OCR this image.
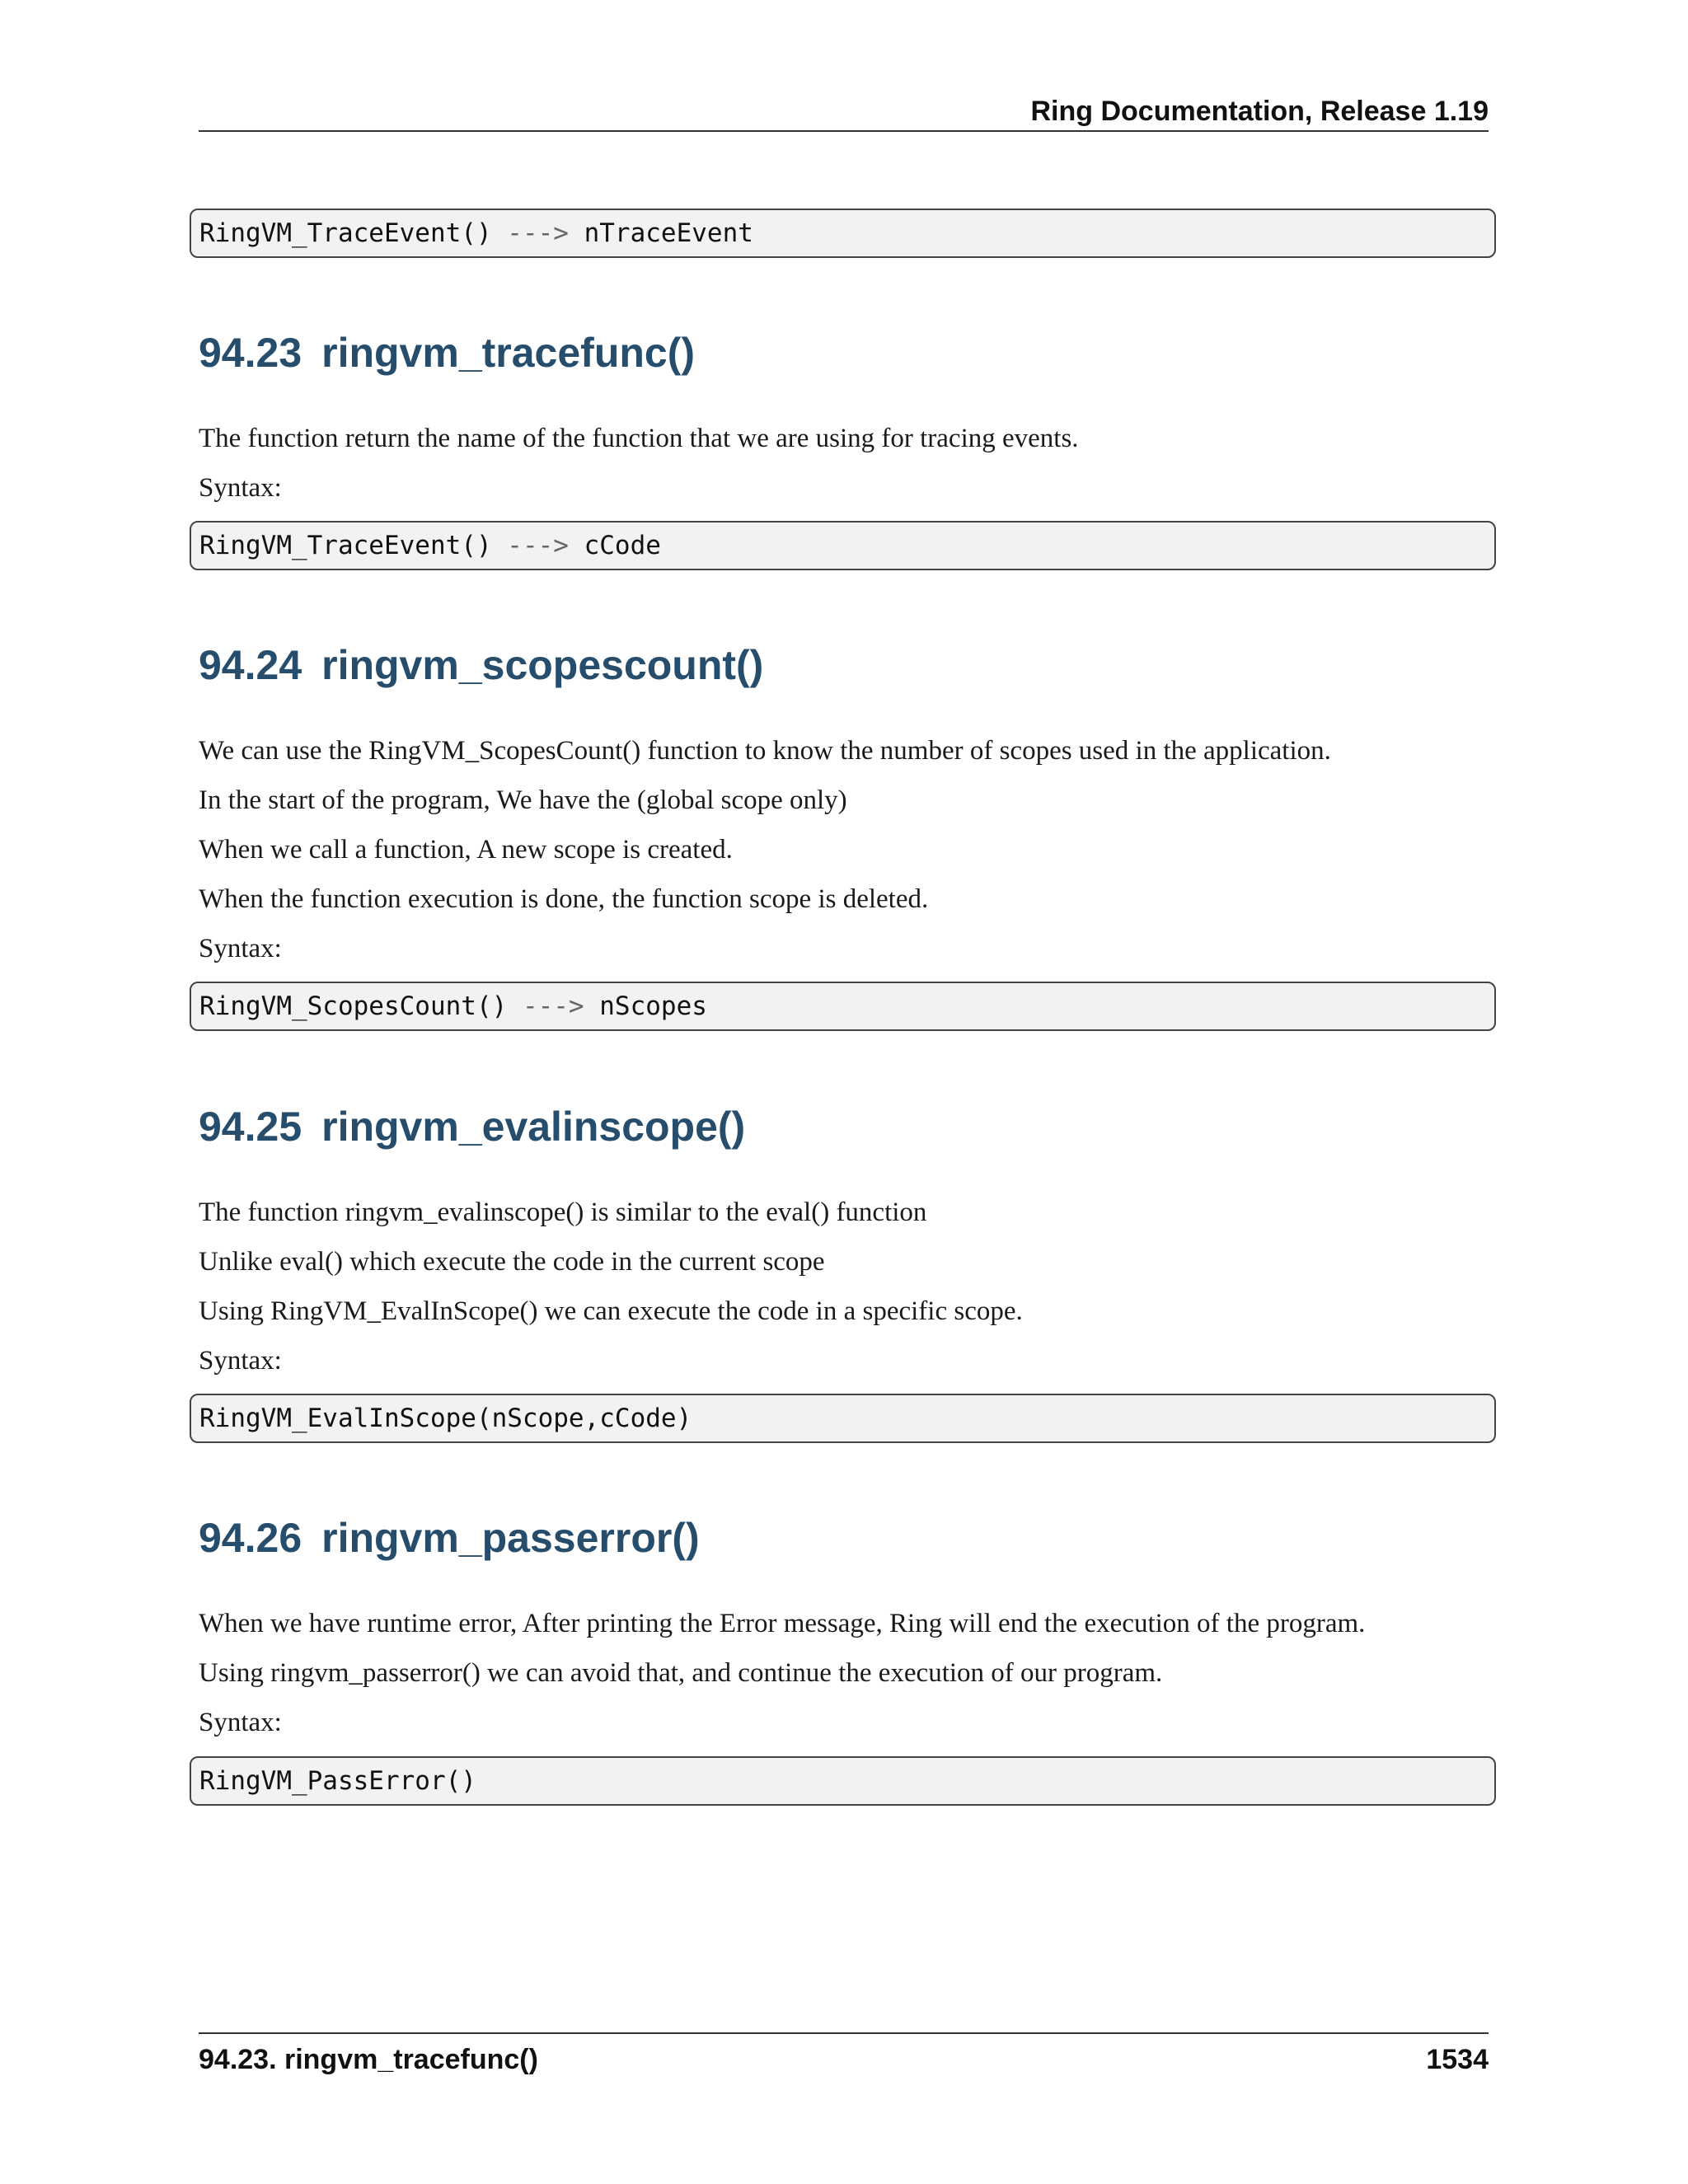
Ring Documentation, Release 1.19
RingVM_TraceEvent() ---> nTraceEvent
94.23 ringvm_tracefunc()
The function return the name of the function that we are using for tracing events.
Syntax:
RingVM_TraceEvent() ---> cCode
94.24 ringvm_scopescount()
We can use the RingVM_ScopesCount() function to know the number of scopes used in the application.
In the start of the program, We have the (global scope only)
When we call a function, A new scope is created.
When the function execution is done, the function scope is deleted.
Syntax:
RingVM_ScopesCount() ---> nScopes
94.25 ringvm_evalinscope()
The function ringvm_evalinscope() is similar to the eval() function
Unlike eval() which execute the code in the current scope
Using RingVM_EvalInScope() we can execute the code in a specific scope.
Syntax:
RingVM_EvalInScope(nScope,cCode)
94.26 ringvm_passerror()
When we have runtime error, After printing the Error message, Ring will end the execution of the program.
Using ringvm_passerror() we can avoid that, and continue the execution of our program.
Syntax:
RingVM_PassError()
94.23. ringvm_tracefunc()	1534
